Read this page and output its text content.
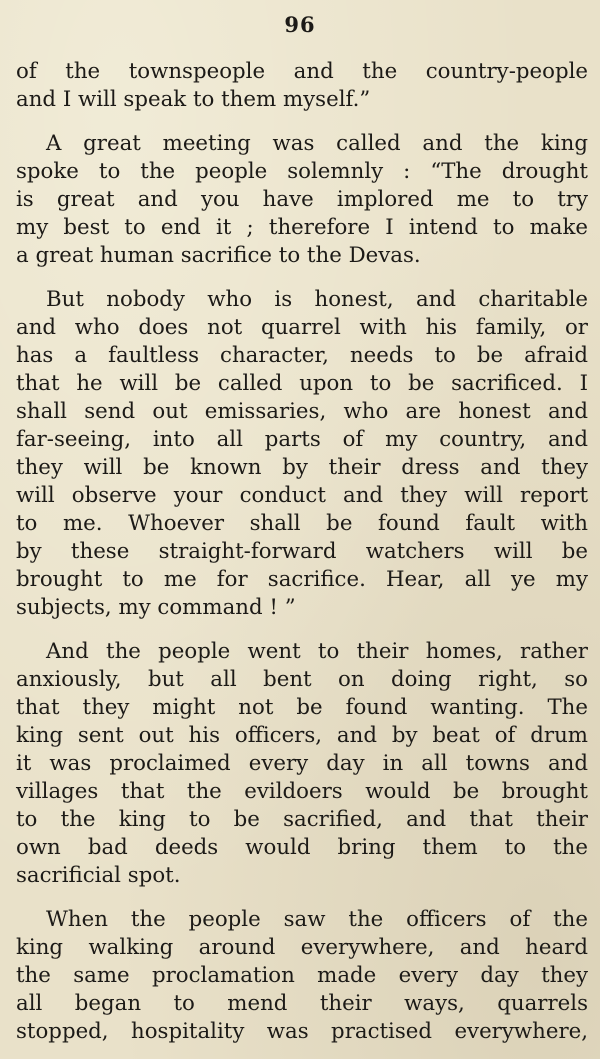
96
of the townspeople and the country-people
and I will speak to them myself.”
A great meeting was called and the king
spoke to the people solemnly : “The drought
is great and you have implored me to try
my best to end it ; therefore I intend to make
a great human sacrifice to the Devas.
But nobody who is honest, and charitable
and who does not quarrel with his family, or
has a faultless character, needs to be afraid
that he will be called upon to be sacrificed. I
shall send out emissaries, who are honest and
far-seeing, into all parts of my country, and
they will be known by their dress and they
will observe your conduct and they will report
to me. Whoever shall be found fault with
by these straight-forward watchers will be
brought to me for sacrifice. Hear, all ye my
subjects, my command ! ”
And the people went to their homes, rather
anxiously, but all bent on doing right, so
that they might not be found wanting. The
king sent out his officers, and by beat of drum
it was proclaimed every day in all towns and
villages that the evildoers would be brought
to the king to be sacrified, and that their
own bad deeds would bring them to the
sacrificial spot.
When the people saw the officers of the
king walking around everywhere, and heard
the same proclamation made every day they
all began to mend their ways, quarrels
stopped, hospitality was practised everywhere,
